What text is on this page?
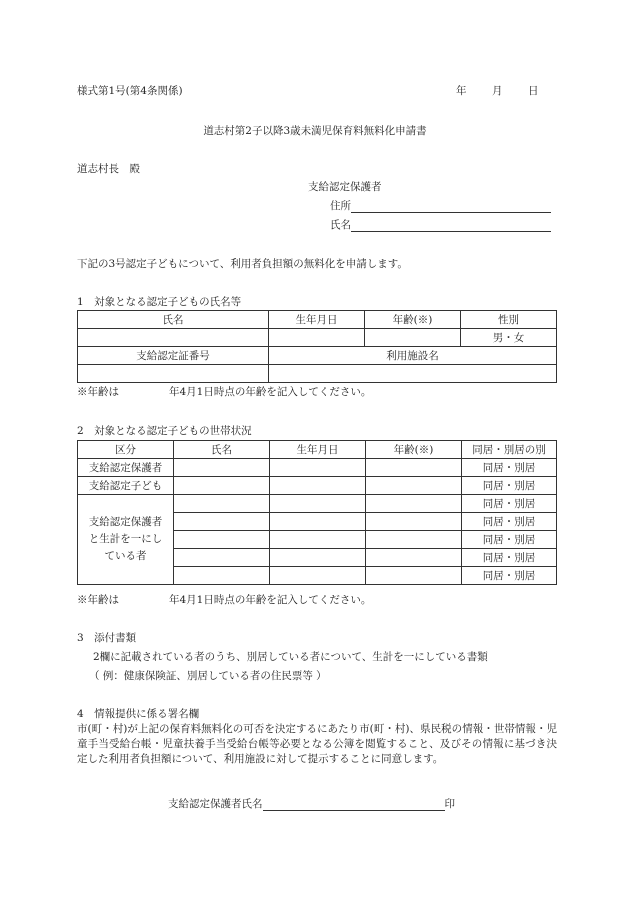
様式第1号(第4条関係)	年 月 日
道志村第2子以降3歳未満児保育料無料化申請書
道志村長　殿
支給認定保護者
住所
氏名
下記の3号認定子どもについて、利用者負担額の無料化を申請します。
1　対象となる認定子どもの氏名等
氏名	生年月日	年齢(※)	性別
			男・女
支給認定証番号	利用施設名		

※年齢は	年4月1日時点の年齢を記入してください。
2　対象となる認定子どもの世帯状況
区分	氏名	生年月日	年齢(※)	同居・別居の別
支給認定保護者				同居・別居
支給認定子ども				同居・別居
支給認定保護者と生計を一にしている者				同居・別居
				同居・別居
				同居・別居
				同居・別居
				同居・別居
※年齢は	年4月1日時点の年齢を記入してください。
3　添付書類
2欄に記載されている者のうち、別居している者について、生計を一にしている書類
（ 例：健康保険証、別居している者の住民票等 ）
4　情報提供に係る署名欄
市(町・村)が上記の保育料無料化の可否を決定するにあたり市(町・村)、県民税の情報・世帯情報・児童手当受給台帳・児童扶養手当受給台帳等必要となる公簿を閲覧すること、及びその情報に基づき決定した利用者負担額について、利用施設に対して提示することに同意します。
支給認定保護者氏名	印
